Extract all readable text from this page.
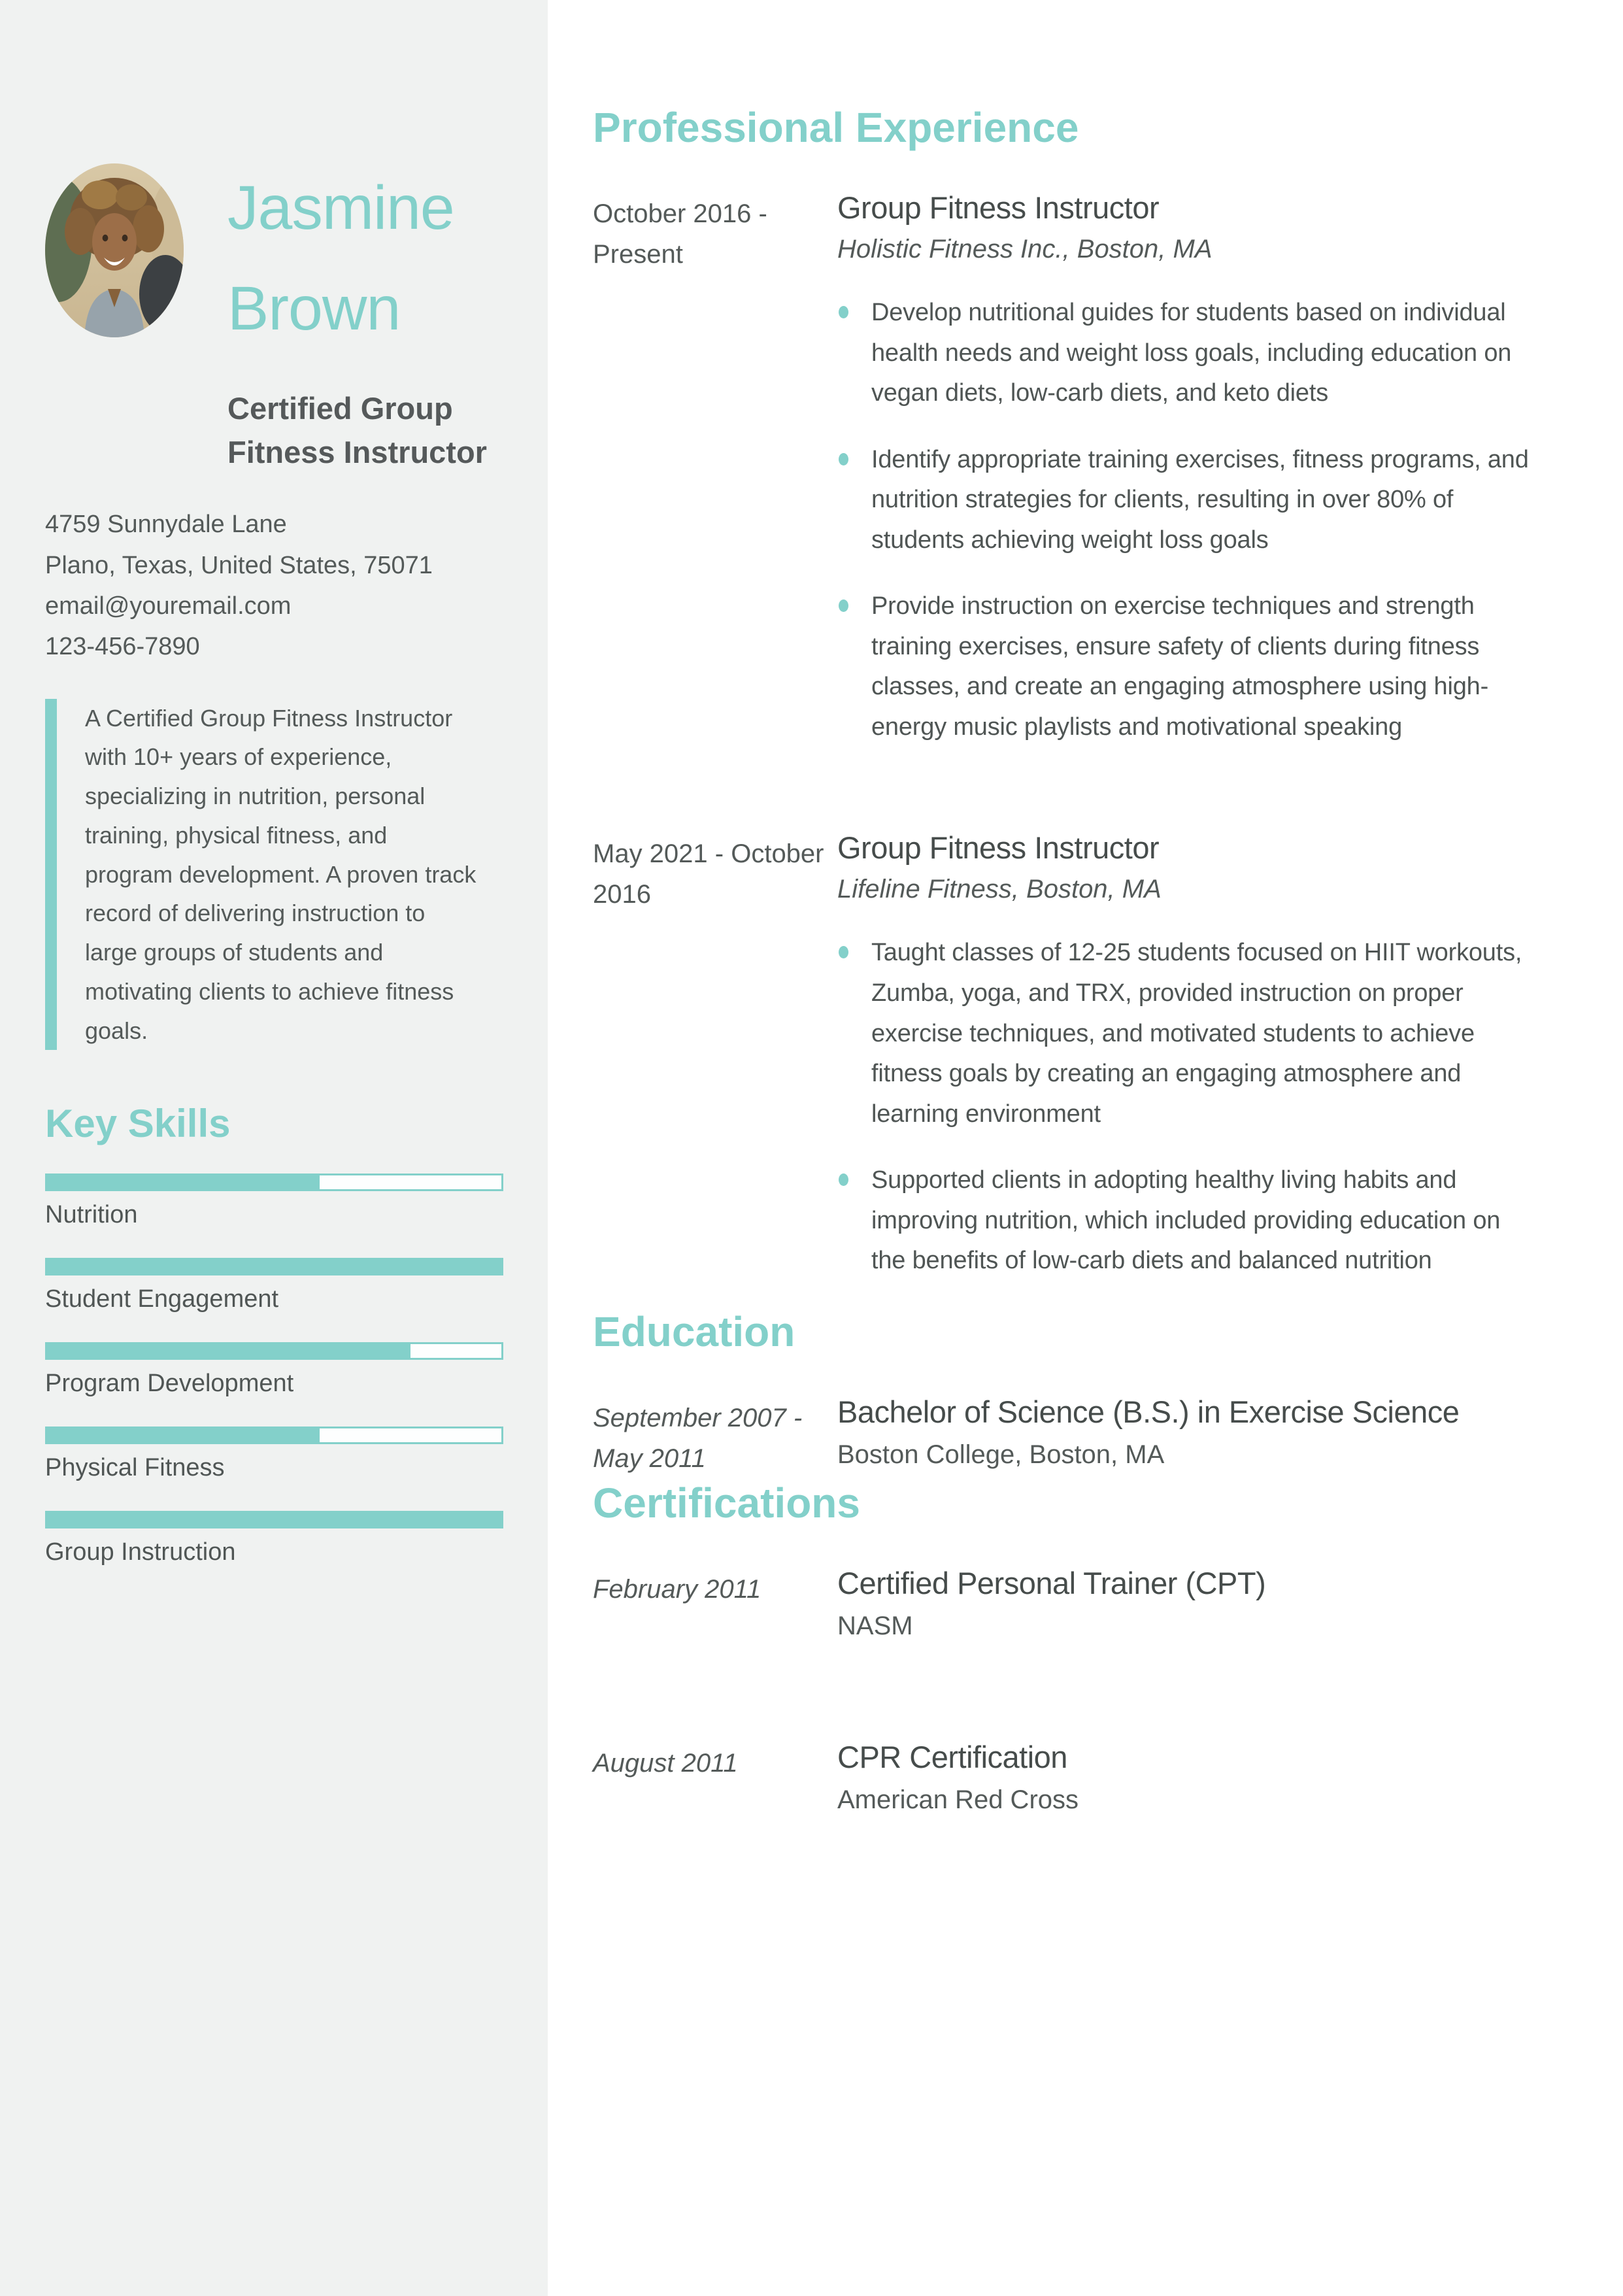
Jasmine
Brown
Certified Group Fitness Instructor
4759 Sunnydale Lane
Plano, Texas, United States, 75071
email@youremail.com
123-456-7890

A Certified Group Fitness Instructor with 10+ years of experience, specializing in nutrition, personal training, physical fitness, and program development. A proven track record of delivering instruction to large groups of students and motivating clients to achieve fitness goals.

Key Skills
Nutrition
Student Engagement
Program Development
Physical Fitness
Group Instruction
Professional Experience
October 2016 - Present
Group Fitness Instructor
Holistic Fitness Inc., Boston, MA
Develop nutritional guides for students based on individual health needs and weight loss goals, including education on vegan diets, low-carb diets, and keto diets
Identify appropriate training exercises, fitness programs, and nutrition strategies for clients, resulting in over 80% of students achieving weight loss goals
Provide instruction on exercise techniques and strength training exercises, ensure safety of clients during fitness classes, and create an engaging atmosphere using high-energy music playlists and motivational speaking
May 2021 - October 2016
Group Fitness Instructor
Lifeline Fitness, Boston, MA
Taught classes of 12-25 students focused on HIIT workouts, Zumba, yoga, and TRX, provided instruction on proper exercise techniques, and motivated students to achieve fitness goals by creating an engaging atmosphere and learning environment
Supported clients in adopting healthy living habits and improving nutrition, which included providing education on the benefits of low-carb diets and balanced nutrition
Education
September 2007 - May 2011
Bachelor of Science (B.S.) in Exercise Science
Boston College, Boston, MA
Certifications
February 2011	Certified Personal Trainer (CPT)
NASM
August 2011	CPR Certification
American Red Cross
